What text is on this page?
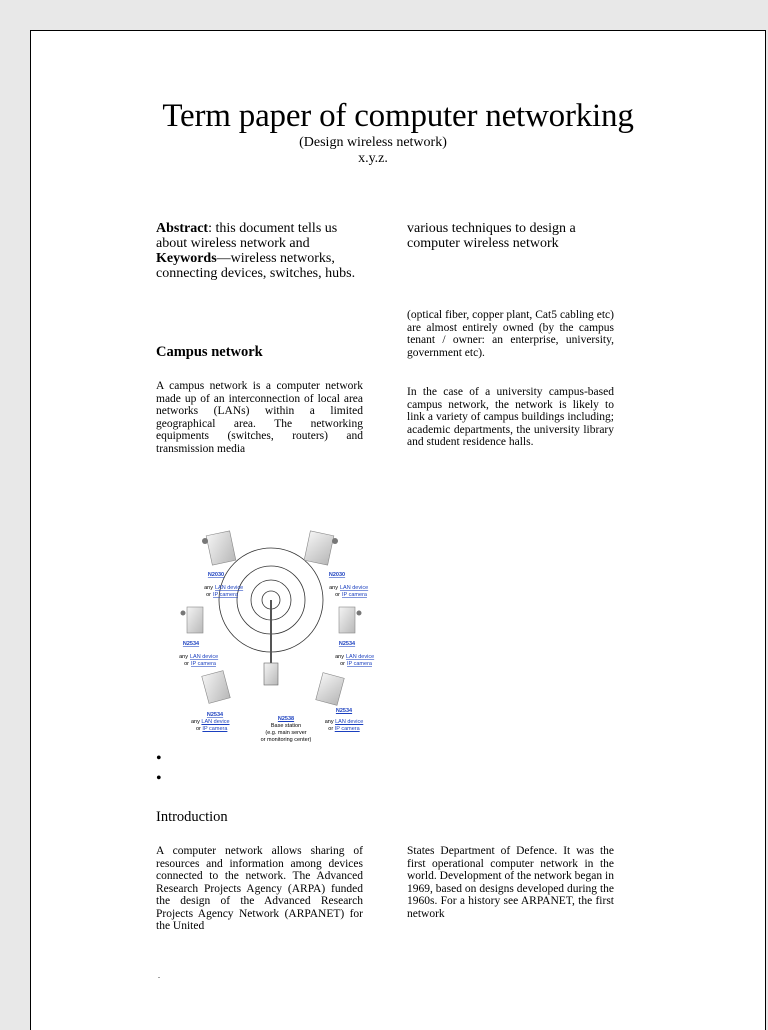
Term paper of computer networking
(Design wireless network)
x.y.z.
Abstract: this document tells us about wireless network and
Keywords—wireless networks, connecting devices, switches, hubs.
various techniques to design a computer wireless network
Campus network
A campus network is a computer network made up of an interconnection of local area networks (LANs) within a limited geographical area. The networking equipments (switches, routers) and transmission media
(optical fiber, copper plant, Cat5 cabling etc) are almost entirely owned (by the campus tenant / owner: an enterprise, university, government etc).
In the case of a university campus-based campus network, the network is likely to link a variety of campus buildings including; academic departments, the university library and student residence halls.
N2030
any LAN device
or IP camera
N2030
any LAN device
or IP camera
N2534
any LAN device
or IP camera
N2534
any LAN device
or IP camera
N2534
any LAN device
or IP camera
N2538
Base station
(e.g. main server
or monitoring center)
N2534
any LAN device
or IP camera
•
•
Introduction
A computer network allows sharing of resources and information among devices connected to the network. The Advanced Research Projects Agency (ARPA) funded the design of the Advanced Research Projects Agency Network (ARPANET) for the United
States Department of Defence. It was the first operational computer network in the world. Development of the network began in 1969, based on designs developed during the 1960s. For a history see ARPANET, the first network
.
